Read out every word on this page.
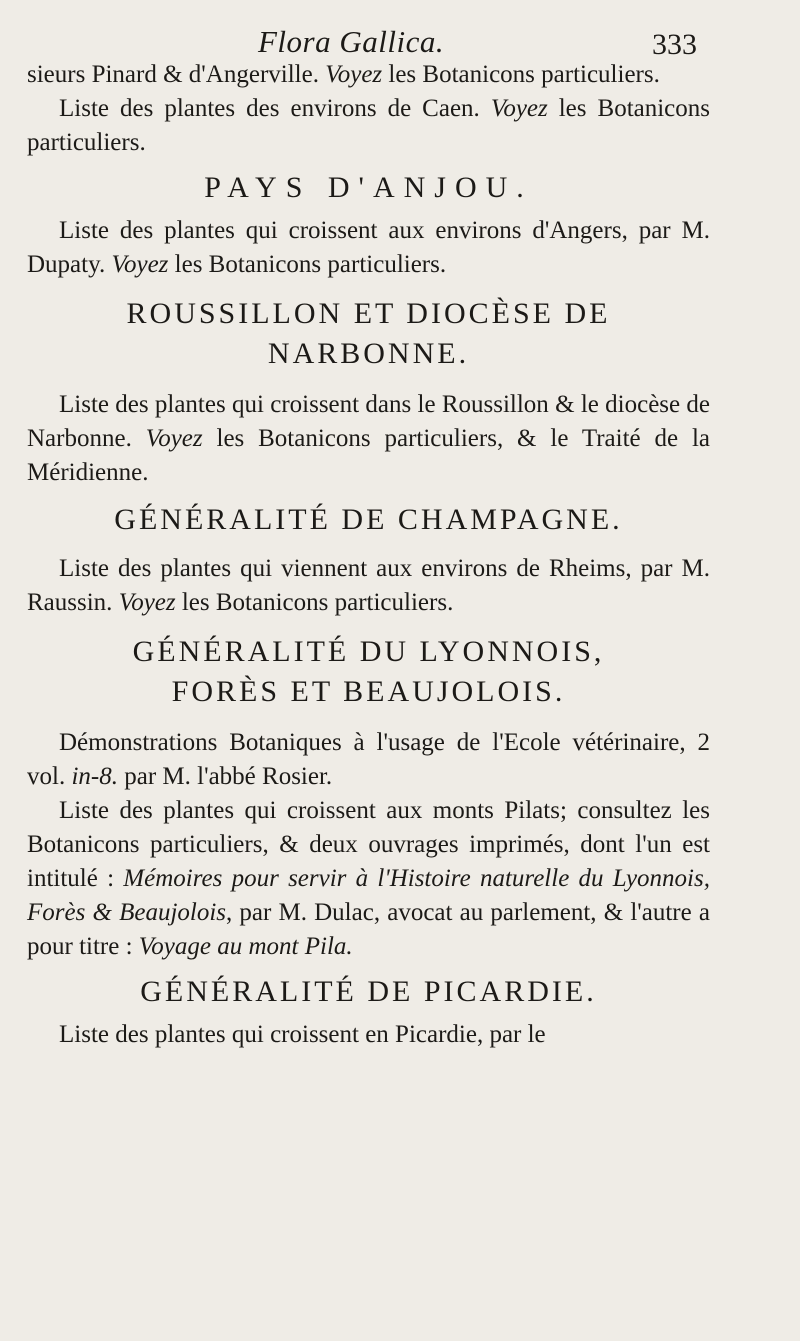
Flora Gallica.	333

sieurs Pinard & d'Angerville. Voyez les Botanicons particuliers.

Liste des plantes des environs de Caen. Voyez les Botanicons particuliers.

PAYS D'ANJOU.

Liste des plantes qui croissent aux environs d'Angers, par M. Dupaty. Voyez les Botanicons particuliers.

ROUSSILLON ET DIOCÈSE DE NARBONNE.

Liste des plantes qui croissent dans le Roussillon & le diocèse de Narbonne. Voyez les Botanicons particuliers, & le Traité de la Méridienne.

GÉNÉRALITÉ DE CHAMPAGNE.

Liste des plantes qui viennent aux environs de Rheims, par M. Raussin. Voyez les Botanicons particuliers.

GÉNÉRALITÉ DU LYONNOIS, FORÈS ET BEAUJOLOIS.

Démonstrations Botaniques à l'usage de l'Ecole vétérinaire, 2 vol. in-8. par M. l'abbé Rosier.

Liste des plantes qui croissent aux monts Pilats; consultez les Botanicons particuliers, & deux ouvrages imprimés, dont l'un est intitulé : Mémoires pour servir à l'Histoire naturelle du Lyonnois, Forès & Beaujolois, par M. Dulac, avocat au parlement, & l'autre a pour titre : Voyage au mont Pila.

GÉNÉRALITÉ DE PICARDIE.

Liste des plantes qui croissent en Picardie, par le
